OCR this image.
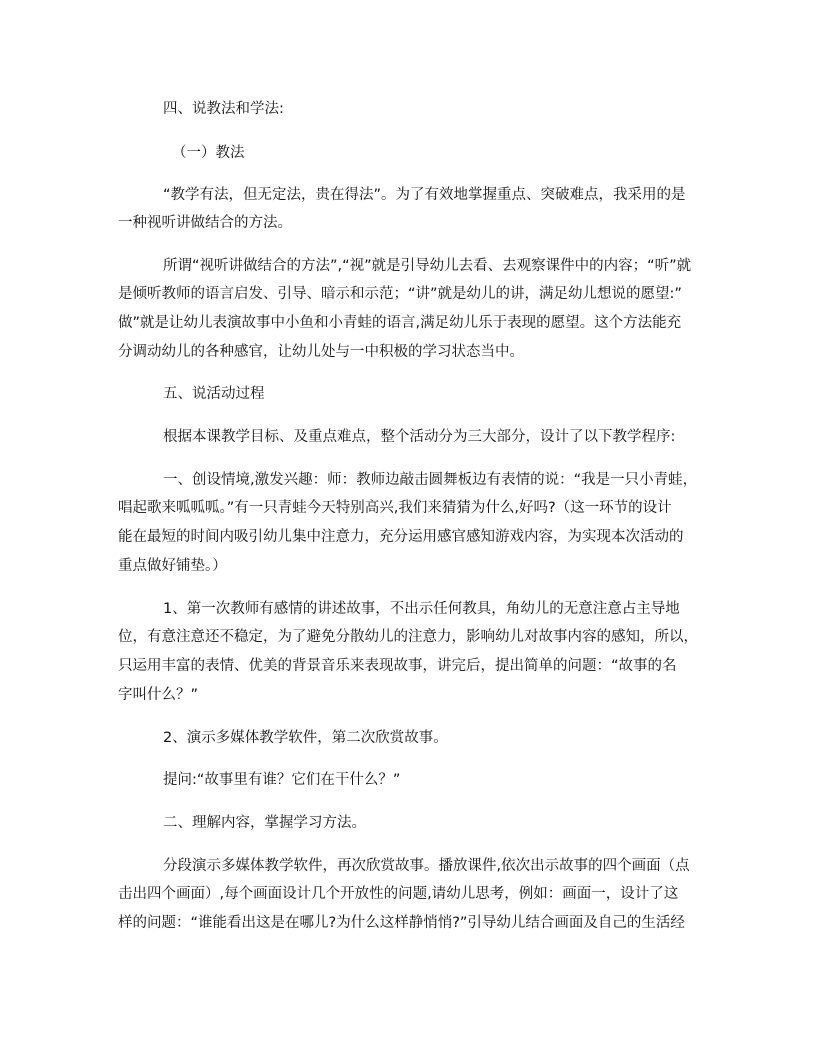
四、说教法和学法:
（一）教法
“教学有法，但无定法，贵在得法”。为了有效地掌握重点、突破难点，我采用的是
一种视听讲做结合的方法。
所谓“视听讲做结合的方法”,“视”就是引导幼儿去看、去观察课件中的内容；“听”就
是倾听教师的语言启发、引导、暗示和示范；“讲”就是幼儿的讲，满足幼儿想说的愿望:”
做”就是让幼儿表演故事中小鱼和小青蛙的语言,满足幼儿乐于表现的愿望。这个方法能充
分调动幼儿的各种感官，让幼儿处与一中积极的学习状态当中。
五、说活动过程
根据本课教学目标、及重点难点，整个活动分为三大部分，设计了以下教学程序:
一、创设情境,激发兴趣：师：教师边敲击圆舞板边有表情的说：“我是一只小青蛙，
唱起歌来呱呱呱。”有一只青蛙今天特别高兴,我们来猜猜为什么,好吗?（这一环节的设计
能在最短的时间内吸引幼儿集中注意力，充分运用感官感知游戏内容，为实现本次活动的
重点做好铺垫。）
1、第一次教师有感情的讲述故事，不出示任何教具，角幼儿的无意注意占主导地
位，有意注意还不稳定，为了避免分散幼儿的注意力，影响幼儿对故事内容的感知，所以，
只运用丰富的表情、优美的背景音乐来表现故事，讲完后，提出简单的问题：“故事的名
字叫什么？”
2、演示多媒体教学软件，第二次欣赏故事。
提问:“故事里有谁？它们在干什么？”
二、理解内容，掌握学习方法。
分段演示多媒体教学软件，再次欣赏故事。播放课件,依次出示故事的四个画面（点
击出四个画面）,每个画面设计几个开放性的问题,请幼儿思考，例如：画面一，设计了这
样的问题：“谁能看出这是在哪儿?为什么这样静悄悄?”引导幼儿结合画面及自己的生活经
